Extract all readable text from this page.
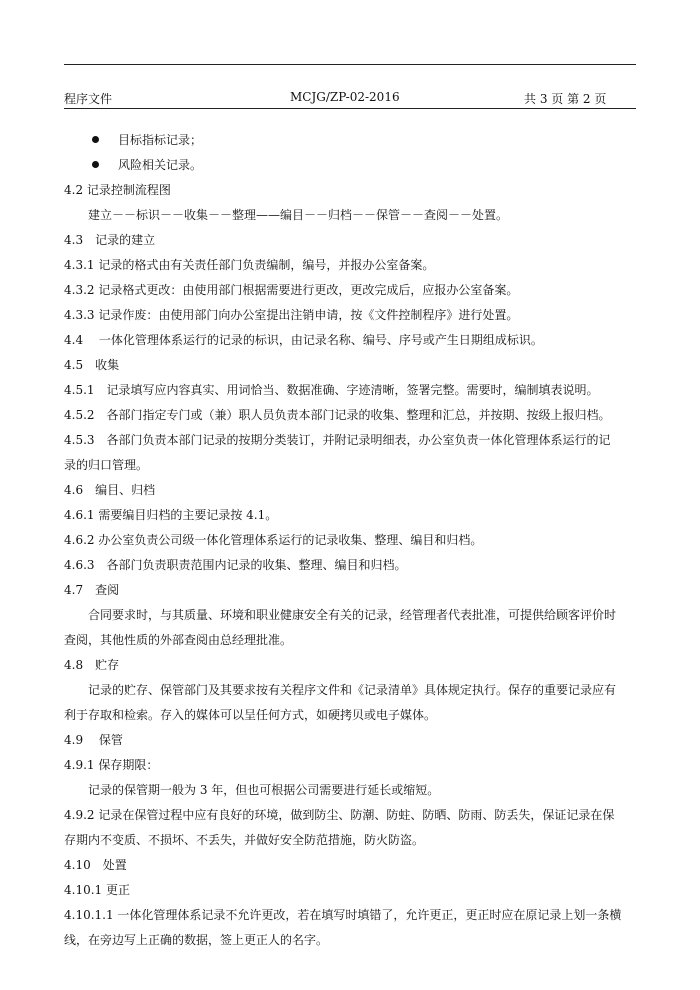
程序文件	MCJG/ZP-02-2016	共 3 页 第 2 页
目标指标记录；
风险相关记录。
4.2 记录控制流程图
建立－－标识－－收集－－整理——编目－－归档－－保管－－查阅－－处置。
4.3　记录的建立
4.3.1 记录的格式由有关责任部门负责编制，编号，并报办公室备案。
4.3.2 记录格式更改：由使用部门根据需要进行更改，更改完成后，应报办公室备案。
4.3.3 记录作废：由使用部门向办公室提出注销申请，按《文件控制程序》进行处置。
4.4　 一体化管理体系运行的记录的标识，由记录名称、编号、序号或产生日期组成标识。
4.5　收集
4.5.1　记录填写应内容真实、用词恰当、数据准确、字迹清晰，签署完整。需要时，编制填表说明。
4.5.2　各部门指定专门或（兼）职人员负责本部门记录的收集、整理和汇总，并按期、按级上报归档。
4.5.3　各部门负责本部门记录的按期分类装订，并附记录明细表，办公室负责一体化管理体系运行的记
录的归口管理。
4.6　编目、归档
4.6.1 需要编目归档的主要记录按 4.1。
4.6.2 办公室负责公司级一体化管理体系运行的记录收集、整理、编目和归档。
4.6.3　各部门负责职责范围内记录的收集、整理、编目和归档。
4.7　查阅
合同要求时，与其质量、环境和职业健康安全有关的记录，经管理者代表批准，可提供给顾客评价时
查阅，其他性质的外部查阅由总经理批准。
4.8　贮存
记录的贮存、保管部门及其要求按有关程序文件和《记录清单》具体规定执行。保存的重要记录应有
利于存取和检索。存入的媒体可以呈任何方式，如硬拷贝或电子媒体。
4.9　 保管
4.9.1 保存期限：
记录的保管期一般为 3 年，但也可根据公司需要进行延长或缩短。
4.9.2 记录在保管过程中应有良好的环境，做到防尘、防潮、防蛀、防晒、防雨、防丢失，保证记录在保
存期内不变质、不损坏、不丢失，并做好安全防范措施，防火防盗。
4.10　处置
4.10.1 更正
4.10.1.1 一体化管理体系记录不允许更改，若在填写时填错了，允许更正，更正时应在原记录上划一条横
线，在旁边写上正确的数据，签上更正人的名字。
